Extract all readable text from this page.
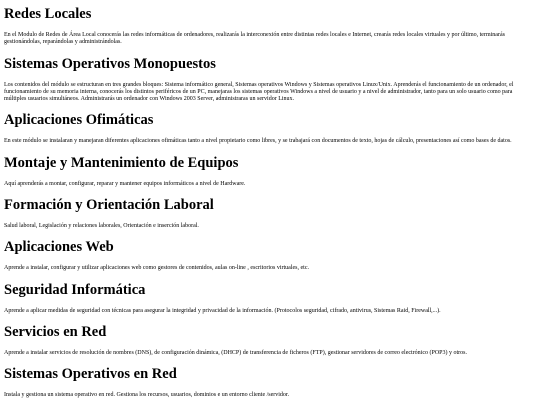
Redes Locales

En el Modulo de Redes de Área Local conocerás las redes informáticas de ordenadores, realizarás la interconexión entre distintas redes locales e Internet, crearás redes locales virtuales y por último, terminarás gestionándolas, reparándolas y administrándolas.

Sistemas Operativos Monopuestos

Los contenidos del módulo se estructuran en tres grandes bloques: Sistema informático general, Sistemas operativos Windows y Sistemas operativos Linux/Unix. Aprenderás el funcionamiento de un ordenador, el funcionamiento de su memoria interna, conocerás los distintos periféricos de un PC, manejaras los sistemas operativos Windows a nivel de usuario y a nivel de administrador, tanto para un solo usuario como para múltiples usuarios simultáneos. Administrarás un ordenador con Windows 2003 Server, administraras un servidor Linux.

Aplicaciones Ofimáticas

En este módulo se instalaran y manejaran diferentes aplicaciones ofimáticas tanto a nivel propietario como libres, y se trabajará con documentos de texto, hojas de cálculo, presentaciones así como bases de datos.

Montaje y Mantenimiento de Equipos

Aquí aprenderás a montar, configurar, reparar y mantener equipos informáticos a nivel de Hardware.

Formación y Orientación Laboral

Salud laboral, Legislación y relaciones laborales, Orientación e inserción laboral.

Aplicaciones Web

Aprende a instalar, configurar y utilizar aplicaciones web como gestores de contenidos, aulas on-line , escritorios virtuales, etc.

Seguridad Informática

Aprende a aplicar medidas de seguridad con técnicas para asegurar la integridad y privacidad de la información. (Protocolos seguridad, cifrado, antivirus, Sistemas Raid, Firewall,...).

Servicios en Red

Aprende a instalar servicios de resolución de nombres (DNS), de configuración dinámica, (DHCP) de transferencia de ficheros (FTP), gestionar servidores de correo electrónico (POP3) y otros.

Sistemas Operativos en Red

Instala y gestiona un sistema operativo en red. Gestiona los recursos, usuarios, dominios e un entorno cliente /servidor.
